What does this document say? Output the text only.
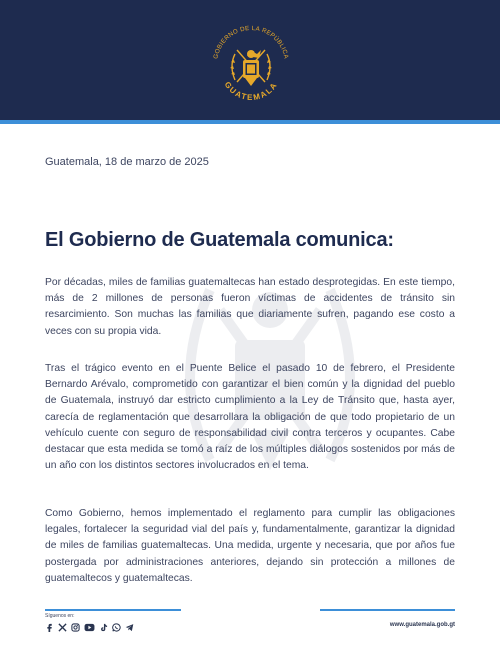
GOBIERNO DE LA REPÚBLICA
GUATEMALA
Guatemala, 18 de marzo de 2025
El Gobierno de Guatemala comunica:

Por décadas, miles de familias guatemaltecas han estado desprotegidas. En este tiempo, más de 2 millones de personas fueron víctimas de accidentes de tránsito sin resarcimiento. Son muchas las familias que diariamente sufren, pagando ese costo a veces con su propia vida.

Tras el trágico evento en el Puente Belice el pasado 10 de febrero, el Presidente Bernardo Arévalo, comprometido con garantizar el bien común y la dignidad del pueblo de Guatemala, instruyó dar estricto cumplimiento a la Ley de Tránsito que, hasta ayer, carecía de reglamentación que desarrollara la obligación de que todo propietario de un vehículo cuente con seguro de responsabilidad civil contra terceros y ocupantes. Cabe destacar que esta medida se tomó a raíz de los múltiples diálogos sostenidos por más de un año con los distintos sectores involucrados en el tema.

Como Gobierno, hemos implementado el reglamento para cumplir las obligaciones legales, fortalecer la seguridad vial del país y, fundamentalmente, garantizar la dignidad de miles de familias guatemaltecas. Una medida, urgente y necesaria, que por años fue postergada por administraciones anteriores, dejando sin protección a millones de guatemaltecos y guatemaltecas.

Síguenos en:
www.guatemala.gob.gt
